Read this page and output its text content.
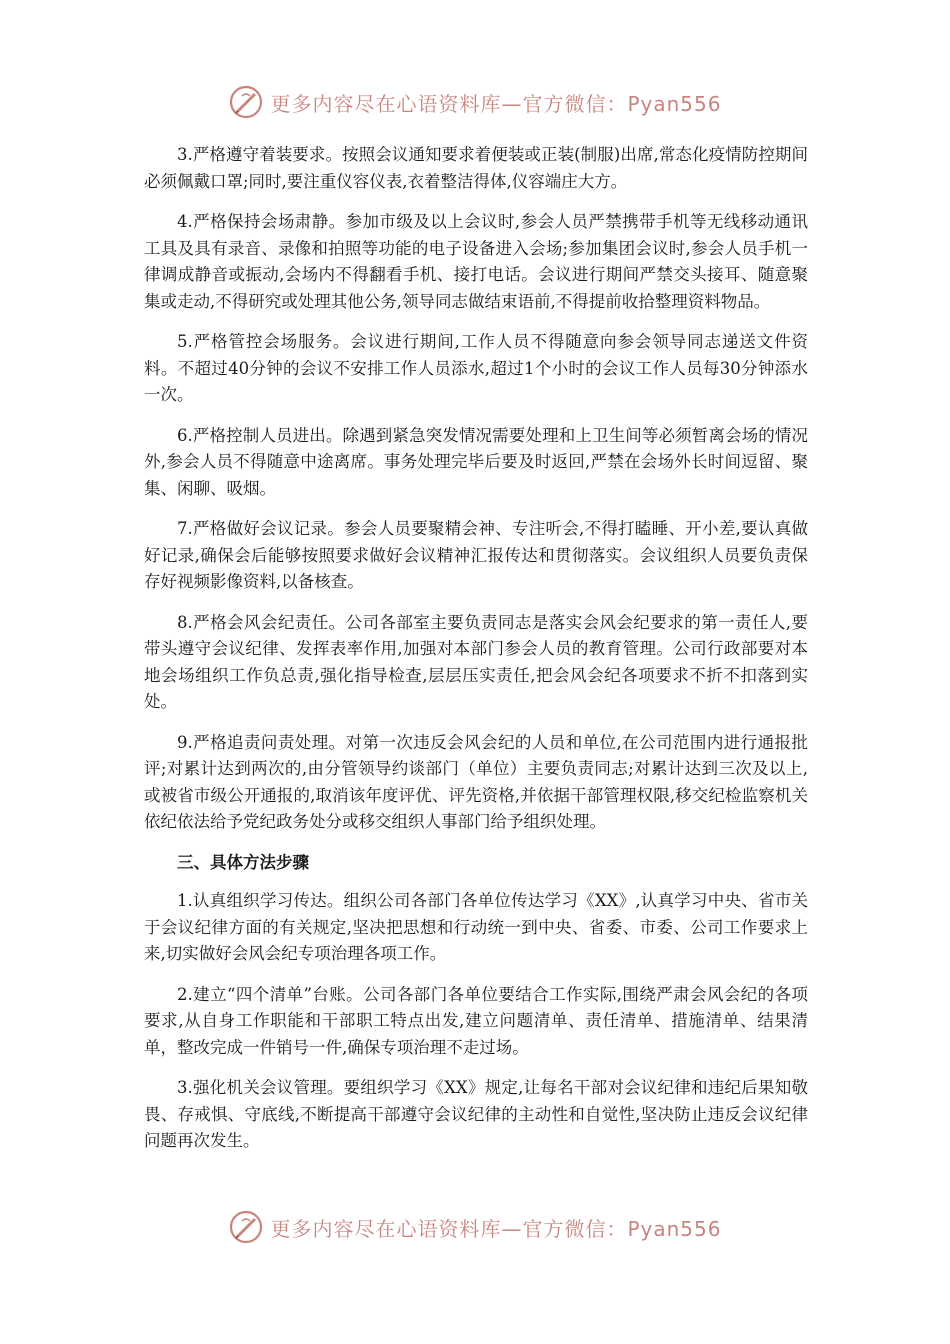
更多内容尽在心语资料库—官方微信：Pyan556

3.严格遵守着装要求。按照会议通知要求着便装或正装(制服)出席,常态化疫情防控期间必须佩戴口罩;同时,要注重仪容仪表,衣着整洁得体,仪容端庄大方。

4.严格保持会场肃静。参加市级及以上会议时,参会人员严禁携带手机等无线移动通讯工具及具有录音、录像和拍照等功能的电子设备进入会场;参加集团会议时,参会人员手机一律调成静音或振动,会场内不得翻看手机、接打电话。会议进行期间严禁交头接耳、随意聚集或走动,不得研究或处理其他公务,领导同志做结束语前,不得提前收拾整理资料物品。

5.严格管控会场服务。会议进行期间,工作人员不得随意向参会领导同志递送文件资料。不超过40分钟的会议不安排工作人员添水,超过1个小时的会议工作人员每30分钟添水一次。

6.严格控制人员进出。除遇到紧急突发情况需要处理和上卫生间等必须暂离会场的情况外,参会人员不得随意中途离席。事务处理完毕后要及时返回,严禁在会场外长时间逗留、聚集、闲聊、吸烟。

7.严格做好会议记录。参会人员要聚精会神、专注听会,不得打瞌睡、开小差,要认真做好记录,确保会后能够按照要求做好会议精神汇报传达和贯彻落实。会议组织人员要负责保存好视频影像资料,以备核查。

8.严格会风会纪责任。公司各部室主要负责同志是落实会风会纪要求的第一责任人,要带头遵守会议纪律、发挥表率作用,加强对本部门参会人员的教育管理。公司行政部要对本地会场组织工作负总责,强化指导检查,层层压实责任,把会风会纪各项要求不折不扣落到实处。

9.严格追责问责处理。对第一次违反会风会纪的人员和单位,在公司范围内进行通报批评;对累计达到两次的,由分管领导约谈部门（单位）主要负责同志;对累计达到三次及以上,或被省市级公开通报的,取消该年度评优、评先资格,并依据干部管理权限,移交纪检监察机关依纪依法给予党纪政务处分或移交组织人事部门给予组织处理。

三、具体方法步骤

1.认真组织学习传达。组织公司各部门各单位传达学习《XX》,认真学习中央、省市关于会议纪律方面的有关规定,坚决把思想和行动统一到中央、省委、市委、公司工作要求上来,切实做好会风会纪专项治理各项工作。

2.建立“四个清单”台账。公司各部门各单位要结合工作实际,围绕严肃会风会纪的各项要求,从自身工作职能和干部职工特点出发,建立问题清单、责任清单、措施清单、结果清单，整改完成一件销号一件,确保专项治理不走过场。

3.强化机关会议管理。要组织学习《XX》规定,让每名干部对会议纪律和违纪后果知敬畏、存戒惧、守底线,不断提高干部遵守会议纪律的主动性和自觉性,坚决防止违反会议纪律问题再次发生。

更多内容尽在心语资料库—官方微信：Pyan556
